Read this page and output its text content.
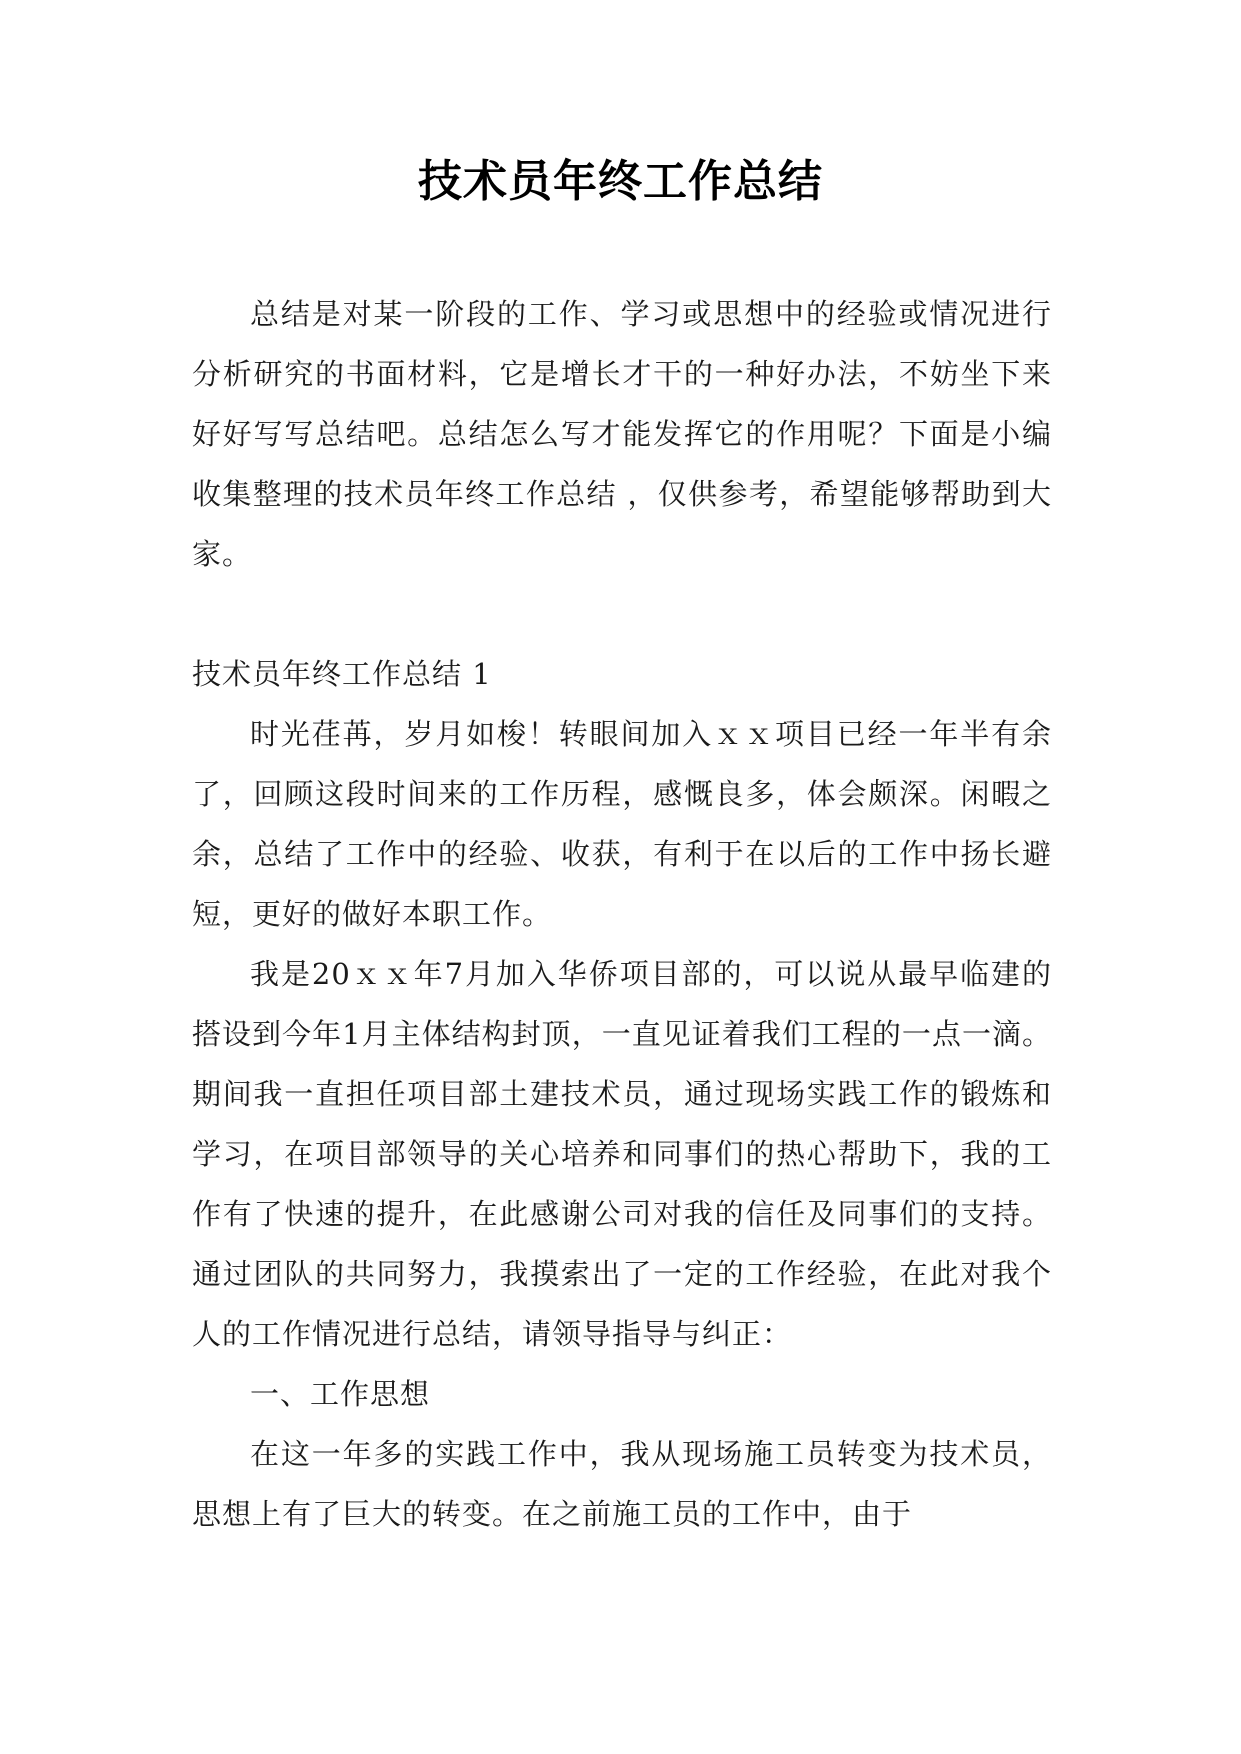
技术员年终工作总结

总结是对某一阶段的工作、学习或思想中的经验或情况进行分析研究的书面材料，它是增长才干的一种好办法，不妨坐下来好好写写总结吧。总结怎么写才能发挥它的作用呢？下面是小编收集整理的技术员年终工作总结 ，仅供参考，希望能够帮助到大家。

技术员年终工作总结 1

时光荏苒，岁月如梭！转眼间加入ｘｘ项目已经一年半有余了，回顾这段时间来的工作历程，感慨良多，体会颇深。闲暇之余，总结了工作中的经验、收获，有利于在以后的工作中扬长避短，更好的做好本职工作。

我是20ｘｘ年7月加入华侨项目部的，可以说从最早临建的搭设到今年1月主体结构封顶，一直见证着我们工程的一点一滴。期间我一直担任项目部土建技术员，通过现场实践工作的锻炼和学习，在项目部领导的关心培养和同事们的热心帮助下，我的工作有了快速的提升，在此感谢公司对我的信任及同事们的支持。通过团队的共同努力，我摸索出了一定的工作经验，在此对我个人的工作情况进行总结，请领导指导与纠正：

一、工作思想

在这一年多的实践工作中，我从现场施工员转变为技术员，思想上有了巨大的转变。在之前施工员的工作中，由于
